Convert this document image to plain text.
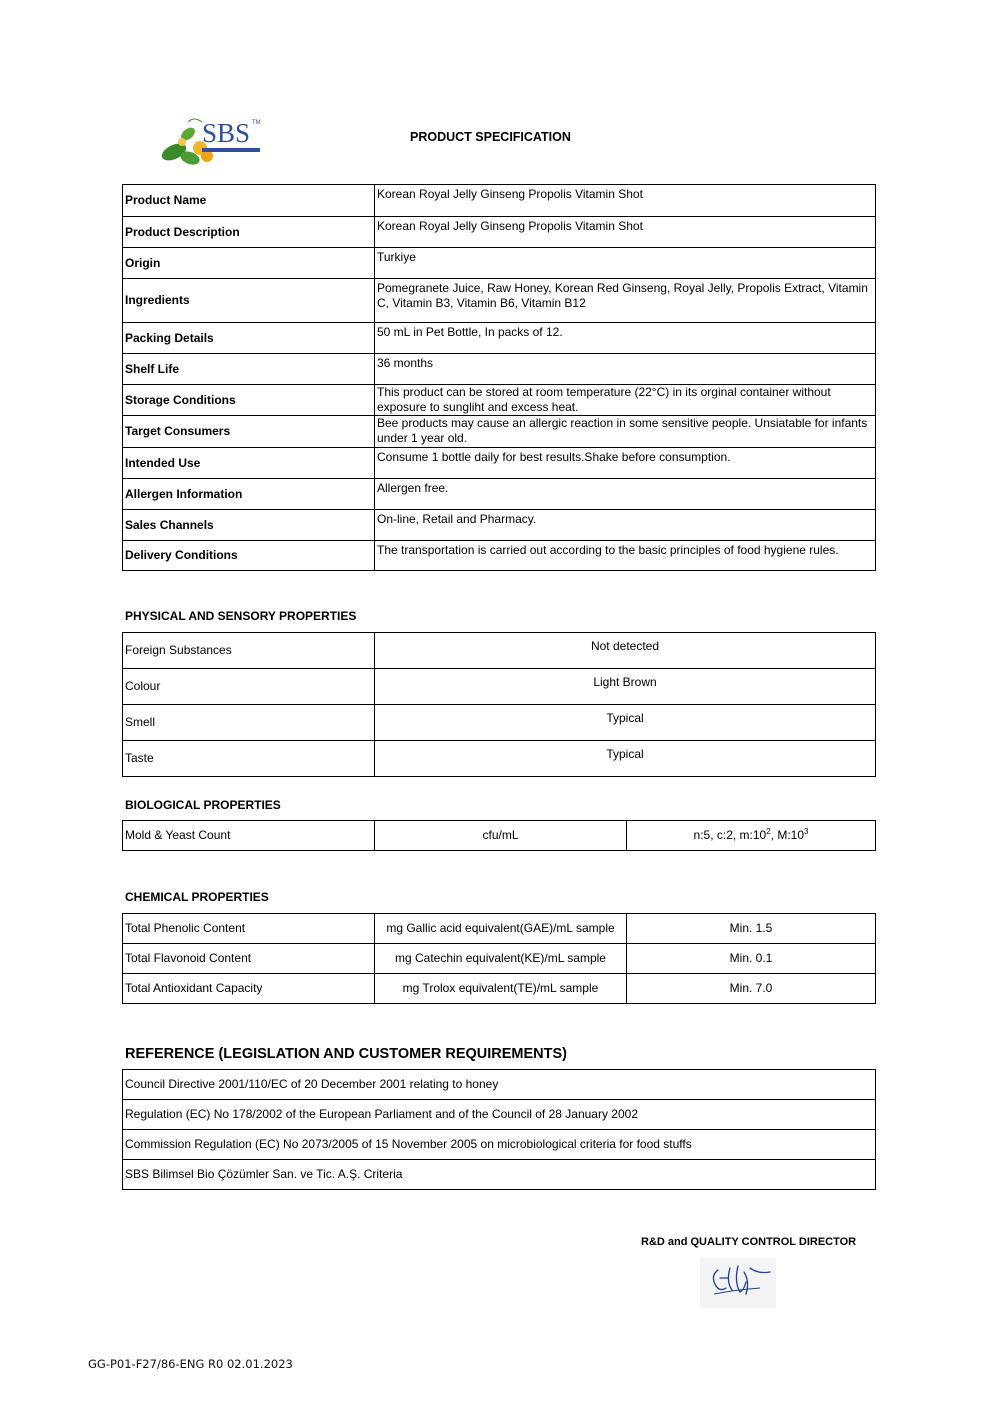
SBS TM
PRODUCT SPECIFICATION
Product Name	Korean Royal Jelly Ginseng Propolis Vitamin Shot
Product Description	Korean Royal Jelly Ginseng Propolis Vitamin Shot
Origin	Turkiye
Ingredients	Pomegranete Juice, Raw Honey, Korean Red Ginseng, Royal Jelly, Propolis Extract, Vitamin C, Vitamin B3, Vitamin B6, Vitamin B12
Packing Details	50 mL in Pet Bottle, In packs of 12.
Shelf Life	36 months
Storage Conditions	This product can be stored at room temperature (22°C) in its orginal container without exposure to sungliht and excess heat.
Target Consumers	Bee products may cause an allergic reaction in some sensitive people. Unsiatable for infants under 1 year old.
Intended Use	Consume 1 bottle daily for best results.Shake before consumption.
Allergen Information	Allergen free.
Sales Channels	On-line, Retail and Pharmacy.
Delivery Conditions	The transportation is carried out according to the basic principles of food hygiene rules.
PHYSICAL AND SENSORY PROPERTIES
Foreign Substances	Not detected
Colour	Light Brown
Smell	Typical
Taste	Typical
BIOLOGICAL PROPERTIES
Mold & Yeast Count	cfu/mL	n:5, c:2, $m:10^2$, $M:10^3$
CHEMICAL PROPERTIES
Total Phenolic Content	mg Gallic acid equivalent(GAE)/mL sample	Min. 1.5
Total Flavonoid Content	mg Catechin equivalent(KE)/mL sample	Min. 0.1
Total Antioxidant Capacity	mg Trolox equivalent(TE)/mL sample	Min. 7.0
REFERENCE (LEGISLATION AND CUSTOMER REQUIREMENTS)
Council Directive 2001/110/EC of 20 December 2001 relating to honey
Regulation (EC) No 178/2002 of the European Parliament and of the Council of 28 January 2002
Commission Regulation (EC) No 2073/2005 of 15 November 2005 on microbiological criteria for food stuffs
SBS Bilimsel Bio Çözümler San. ve Tic. A.Ş. Criteria
R&D and QUALITY CONTROL DIRECTOR
GG-P01-F27/86-ENG R0 02.01.2023
